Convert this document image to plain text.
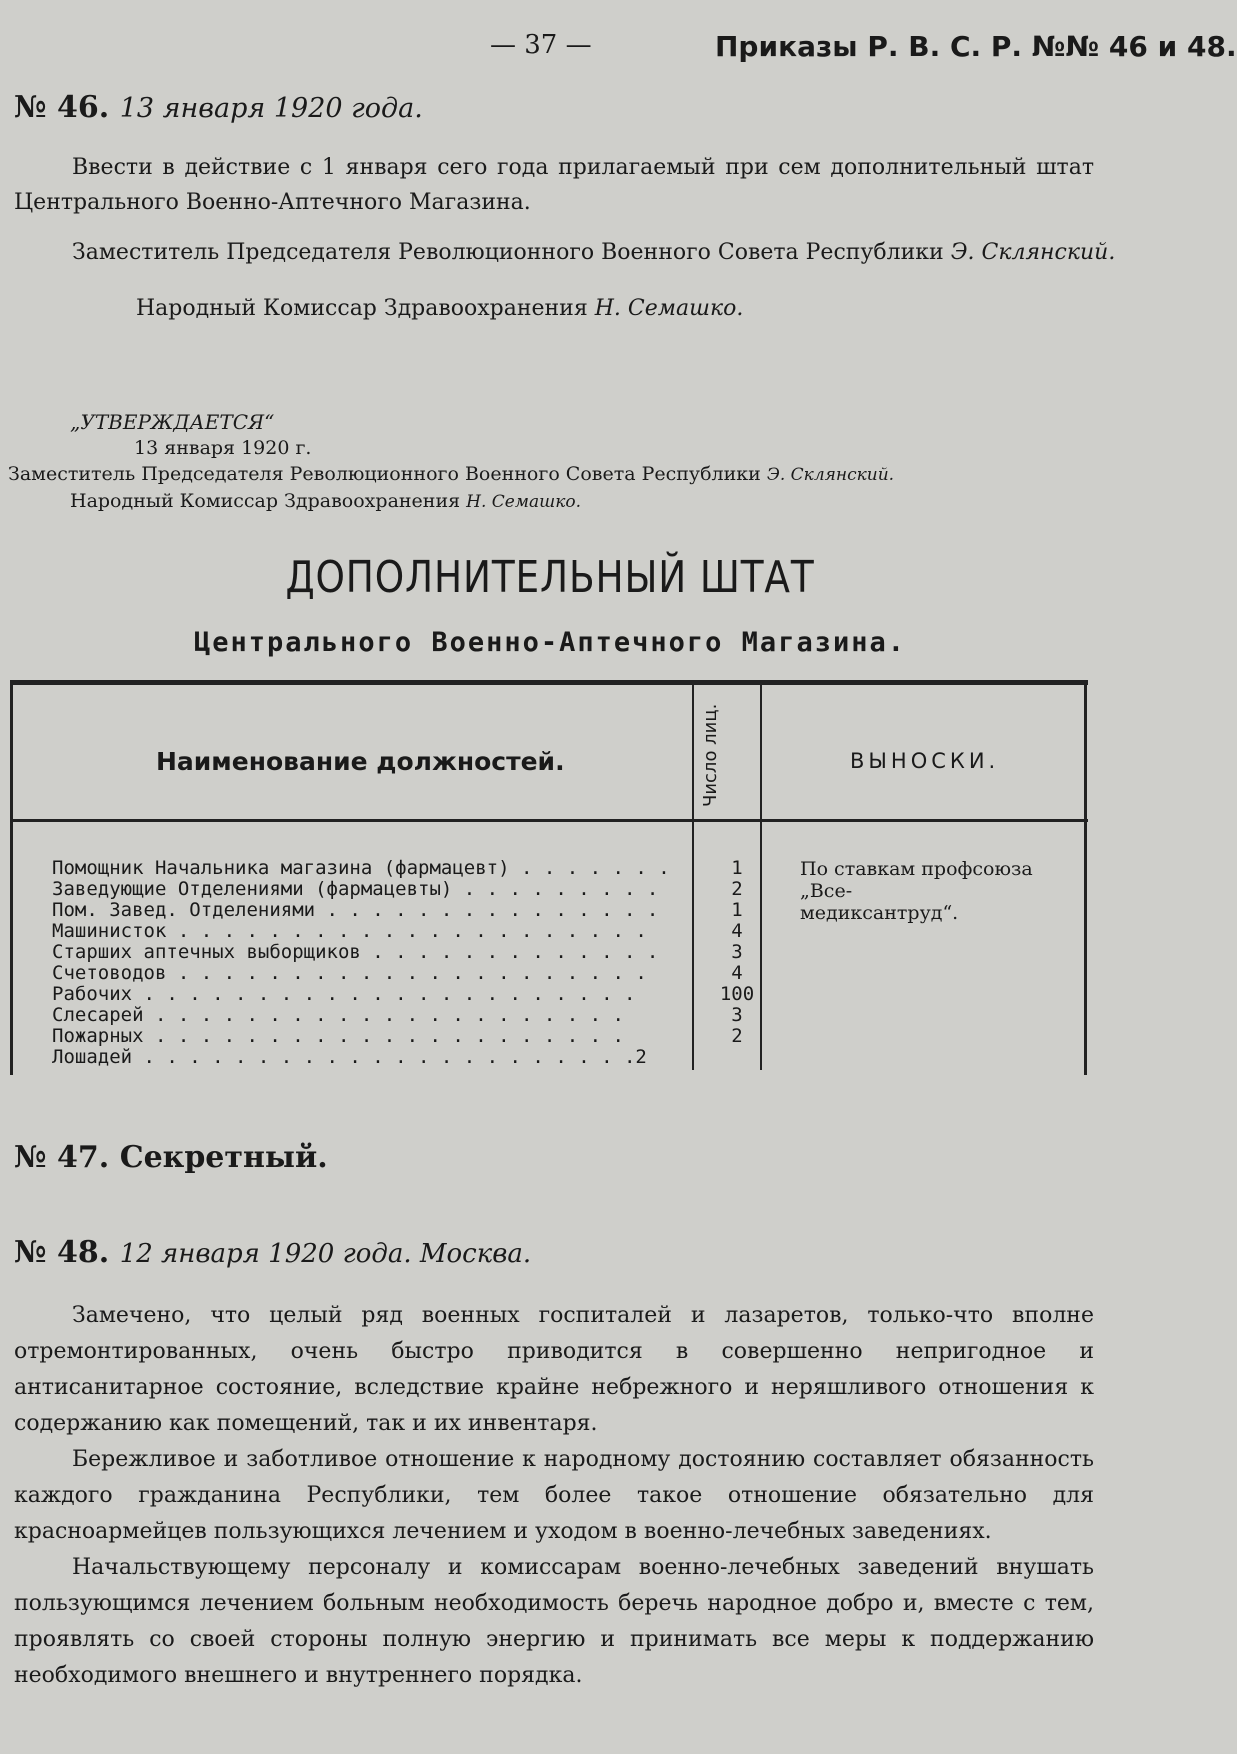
— 37 —	Приказы Р. В. С. Р. №№ 46 и 48.
№ 46. 13 января 1920 года.

Ввести в действие с 1 января сего года прилагаемый при сем дополнительный штат Центрального Военно-Аптечного Магазина.

Заместитель Председателя Революционного Военного Совета Республики Э. Склянский.
Народный Комиссар Здравоохранения Н. Семашко.
„УТВЕРЖДАЕТСЯ“
13 января 1920 г.
Заместитель Председателя Революционного Военного Совета Республики Э. Склянский.
Народный Комиссар Здравоохранения Н. Семашко.
ДОПОЛНИТЕЛЬНЫЙ ШТАТ
Центрального Военно-Аптечного Магазина.
Наименование должностей.	Число лиц.	ВЫНОСКИ.
Помощник Начальника магазина (фармацевт) . . . . . . .	1
Заведующие Отделениями (фармацевты) . . . . . . . . .	2
Пом. Завед. Отделениями . . . . . . . . . . . . . . .	1
Машинисток . . . . . . . . . . . . . . . . . . . . .	4
Старших аптечных выборщиков . . . . . . . . . . . . .	3
Счетоводов . . . . . . . . . . . . . . . . . . . . .	4
Рабочих . . . . . . . . . . . . . . . . . . . . . .	100
Слесарей . . . . . . . . . . . . . . . . . . . . .	3
Пожарных . . . . . . . . . . . . . . . . . . . . .	2
Лошадей . . . . . . . . . . . . . . . . . . . . . .2
По ставкам профсоюза „Все-
медиксантруд“.
№ 47. Секретный.
№ 48. 12 января 1920 года. Москва.

Замечено, что целый ряд военных госпиталей и лазаретов, только-что вполне отремонтированных, очень быстро приводится в совершенно непригодное и антисанитарное состояние, вследствие крайне небрежного и неряшливого отношения к содержанию как помещений, так и их инвентаря.

Бережливое и заботливое отношение к народному достоянию составляет обязанность каждого гражданина Республики, тем более такое отношение обязательно для красноармейцев пользующихся лечением и уходом в военно-лечебных заведениях.

Начальствующему персоналу и комиссарам военно-лечебных заведений внушать пользующимся лечением больным необходимость беречь народное добро и, вместе с тем, проявлять со своей стороны полную энергию и принимать все меры к поддержанию необходимого внешнего и внутреннего порядка.
